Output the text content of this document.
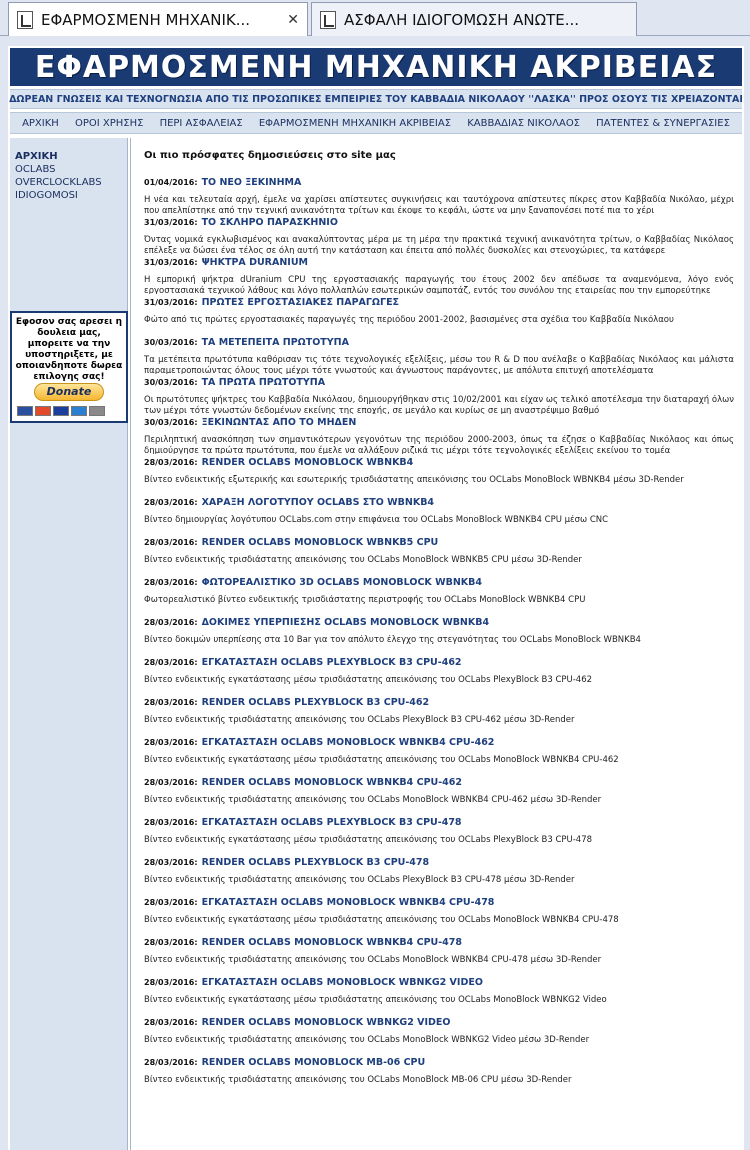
ΕΦΑΡΜΟΣΜΕΝΗ ΜΗΧΑΝΙΚ...	✕	ΑΣΦΑΛΗ ΙΔΙΟΓΟΜΩΣΗ ΑΝΩΤΕ...
ΕΦΑΡΜΟΣΜΕΝΗ ΜΗΧΑΝΙΚΗ ΑΚΡΙΒΕΙΑΣ
ΔΩΡΕΑΝ ΓΝΩΣΕΙΣ ΚΑΙ ΤΕΧΝΟΓΝΩΣΙΑ ΑΠΟ ΤΙΣ ΠΡΟΣΩΠΙΚΕΣ ΕΜΠΕΙΡΙΕΣ ΤΟΥ ΚΑΒΒΑΔΙΑ ΝΙΚΟΛΑΟΥ ''ΛΑΣΚΑ'' ΠΡΟΣ ΟΣΟΥΣ ΤΙΣ ΧΡΕΙΑΖΟΝΤΑΙ
ΑΡΧΙΚΗ ΟΡΟΙ ΧΡΗΣΗΣ ΠΕΡΙ ΑΣΦΑΛΕΙΑΣ ΕΦΑΡΜΟΣΜΕΝΗ ΜΗΧΑΝΙΚΗ ΑΚΡΙΒΕΙΑΣ ΚΑΒΒΑΔΙΑΣ ΝΙΚΟΛΑΟΣ ΠΑΤΕΝΤΕΣ & ΣΥΝΕΡΓΑΣΙΕΣ
ΑΡΧΙΚΗ
OCLABS
OVERCLOCKLABS
IDIOGOMOSI

Εφοσον σας αρεσει η δουλεια μας, μπορειτε να την υποστηριξετε, με οποιανδηποτε δωρεα επιλογης σας!

Donate
Οι πιο πρόσφατες δημοσιεύσεις στο site μας
01/04/2016: ΤΟ ΝΕΟ ΞΕΚΙΝΗΜΑ
Η νέα και τελευταία αρχή, έμελε να χαρίσει απίστευτες συγκινήσεις και ταυτόχρονα απίστευτες πίκρες στον Καββαδία Νικόλαο, μέχρι που απελπίστηκε από την τεχνική ανικανότητα τρίτων και έκοψε το κεφάλι, ώστε να μην ξαναπονέσει ποτέ πια το χέρι
31/03/2016: ΤΟ ΣΚΛΗΡΟ ΠΑΡΑΣΚΗΝΙΟ
Όντας νομικά εγκλωβισμένος και ανακαλύπτοντας μέρα με τη μέρα την πρακτικά τεχνική ανικανότητα τρίτων, ο Καββαδίας Νικόλαος επέλεξε να δώσει ένα τέλος σε όλη αυτή την κατάσταση και έπειτα από πολλές δυσκολίες και στενοχώριες, τα κατάφερε
31/03/2016: ΨΗΚΤΡΑ DURANIUM
Η εμπορική ψήκτρα dUranium CPU της εργοστασιακής παραγωγής του έτους 2002 δεν απέδωσε τα αναμενόμενα, λόγο ενός εργοστασιακά τεχνικού λάθους και λόγο πολλαπλών εσωτερικών σαμποτάζ, εντός του συνόλου της εταιρείας που την εμπορεύτηκε
31/03/2016: ΠΡΩΤΕΣ ΕΡΓΟΣΤΑΣΙΑΚΕΣ ΠΑΡΑΓΩΓΕΣ
Φώτο από τις πρώτες εργοστασιακές παραγωγές της περιόδου 2001-2002, βασισμένες στα σχέδια του Καββαδία Νικόλαου
30/03/2016: ΤΑ ΜΕΤΕΠΕΙΤΑ ΠΡΩΤΟΤΥΠΑ
Τα μετέπειτα πρωτότυπα καθόρισαν τις τότε τεχνολογικές εξελίξεις, μέσω του R & D που ανέλαβε ο Καββαδίας Νικόλαος και μάλιστα παραμετροποιώντας όλους τους μέχρι τότε γνωστούς και άγνωστους παράγοντες, με απόλυτα επιτυχή αποτελέσματα
30/03/2016: ΤΑ ΠΡΩΤΑ ΠΡΩΤΟΤΥΠΑ
Οι πρωτότυπες ψήκτρες του Καββαδία Νικόλαου, δημιουργήθηκαν στις 10/02/2001 και είχαν ως τελικό αποτέλεσμα την διαταραχή όλων των μέχρι τότε γνωστών δεδομένων εκείνης της εποχής, σε μεγάλο και κυρίως σε μη αναστρέψιμο βαθμό
30/03/2016: ΞΕΚΙΝΩΝΤΑΣ ΑΠΟ ΤΟ ΜΗΔΕΝ
Περιληπτική ανασκόπηση των σημαντικότερων γεγονότων της περιόδου 2000-2003, όπως τα έζησε ο Καββαδίας Νικόλαος και όπως δημιούργησε τα πρώτα πρωτότυπα, που έμελε να αλλάξουν ριζικά τις μέχρι τότε τεχνολογικές εξελίξεις εκείνου το τομέα
28/03/2016: RENDER OCLABS MONOBLOCK WBNKB4
Βίντεο ενδεικτικής εξωτερικής και εσωτερικής τρισδιάστατης απεικόνισης του OCLabs MonoBlock WBNKB4 μέσω 3D-Render
28/03/2016: ΧΑΡΑΞΗ ΛΟΓΟΤΥΠΟΥ OCLABS ΣΤΟ WBNKB4
Βίντεο δημιουργίας λογότυπου OCLabs.com στην επιφάνεια του OCLabs MonoBlock WBNKB4 CPU μέσω CNC
28/03/2016: RENDER OCLABS MONOBLOCK WBNKB5 CPU
Βίντεο ενδεικτικής τρισδιάστατης απεικόνισης του OCLabs MonoBlock WBNKB5 CPU μέσω 3D-Render
28/03/2016: ΦΩΤΟΡΕΑΛΙΣΤΙΚΟ 3D OCLABS MONOBLOCK WBNKB4
Φωτορεαλιστικό βίντεο ενδεικτικής τρισδιάστατης περιστροφής του OCLabs MonoBlock WBNKB4 CPU
28/03/2016: ΔΟΚΙΜΕΣ ΥΠΕΡΠΙΕΣΗΣ OCLABS MONOBLOCK WBNKB4
Βίντεο δοκιμών υπερπίεσης στα 10 Bar για τον απόλυτο έλεγχο της στεγανότητας του OCLabs MonoBlock WBNKB4
28/03/2016: ΕΓΚΑΤΑΣΤΑΣΗ OCLABS PLEXYBLOCK B3 CPU-462
Βίντεο ενδεικτικής εγκατάστασης μέσω τρισδιάστατης απεικόνισης του OCLabs PlexyBlock B3 CPU-462
28/03/2016: RENDER OCLABS PLEXYBLOCK B3 CPU-462
Βίντεο ενδεικτικής τρισδιάστατης απεικόνισης του OCLabs PlexyBlock B3 CPU-462 μέσω 3D-Render
28/03/2016: ΕΓΚΑΤΑΣΤΑΣΗ OCLABS MONOBLOCK WBNKB4 CPU-462
Βίντεο ενδεικτικής εγκατάστασης μέσω τρισδιάστατης απεικόνισης του OCLabs MonoBlock WBNKB4 CPU-462
28/03/2016: RENDER OCLABS MONOBLOCK WBNKB4 CPU-462
Βίντεο ενδεικτικής τρισδιάστατης απεικόνισης του OCLabs MonoBlock WBNKB4 CPU-462 μέσω 3D-Render
28/03/2016: ΕΓΚΑΤΑΣΤΑΣΗ OCLABS PLEXYBLOCK B3 CPU-478
Βίντεο ενδεικτικής εγκατάστασης μέσω τρισδιάστατης απεικόνισης του OCLabs PlexyBlock B3 CPU-478
28/03/2016: RENDER OCLABS PLEXYBLOCK B3 CPU-478
Βίντεο ενδεικτικής τρισδιάστατης απεικόνισης του OCLabs PlexyBlock B3 CPU-478 μέσω 3D-Render
28/03/2016: ΕΓΚΑΤΑΣΤΑΣΗ OCLABS MONOBLOCK WBNKB4 CPU-478
Βίντεο ενδεικτικής εγκατάστασης μέσω τρισδιάστατης απεικόνισης του OCLabs MonoBlock WBNKB4 CPU-478
28/03/2016: RENDER OCLABS MONOBLOCK WBNKB4 CPU-478
Βίντεο ενδεικτικής τρισδιάστατης απεικόνισης του OCLabs MonoBlock WBNKB4 CPU-478 μέσω 3D-Render
28/03/2016: ΕΓΚΑΤΑΣΤΑΣΗ OCLABS MONOBLOCK WBNKG2 VIDEO
Βίντεο ενδεικτικής εγκατάστασης μέσω τρισδιάστατης απεικόνισης του OCLabs MonoBlock WBNKG2 Video
28/03/2016: RENDER OCLABS MONOBLOCK WBNKG2 VIDEO
Βίντεο ενδεικτικής τρισδιάστατης απεικόνισης του OCLabs MonoBlock WBNKG2 Video μέσω 3D-Render
28/03/2016: RENDER OCLABS MONOBLOCK MB-06 CPU
Βίντεο ενδεικτικής τρισδιάστατης απεικόνισης του OCLabs MonoBlock MB-06 CPU μέσω 3D-Render
